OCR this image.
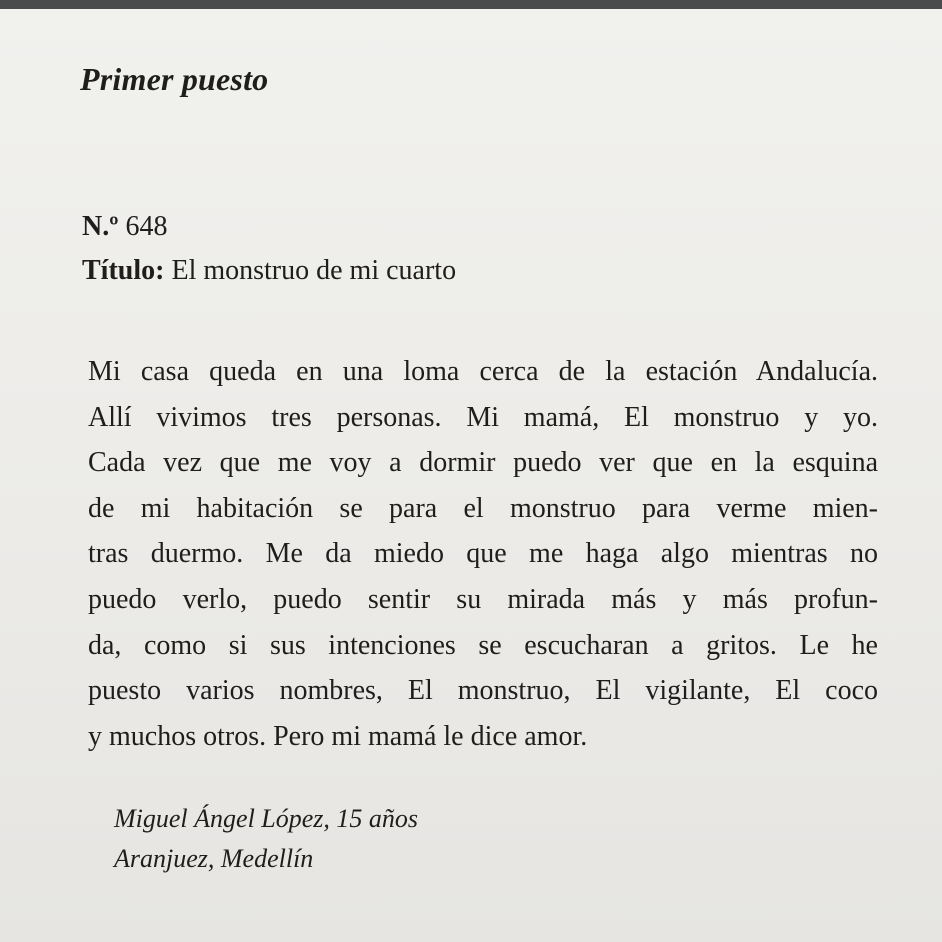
Primer puesto
N.º 648
Título: El monstruo de mi cuarto
Mi casa queda en una loma cerca de la estación Andalucía.
Allí vivimos tres personas. Mi mamá, El monstruo y yo.
Cada vez que me voy a dormir puedo ver que en la esquina
de mi habitación se para el monstruo para verme mien-
tras duermo. Me da miedo que me haga algo mientras no
puedo verlo, puedo sentir su mirada más y más profun-
da, como si sus intenciones se escucharan a gritos. Le he
puesto varios nombres, El monstruo, El vigilante, El coco
y muchos otros. Pero mi mamá le dice amor.
Miguel Ángel López, 15 años
Aranjuez, Medellín
